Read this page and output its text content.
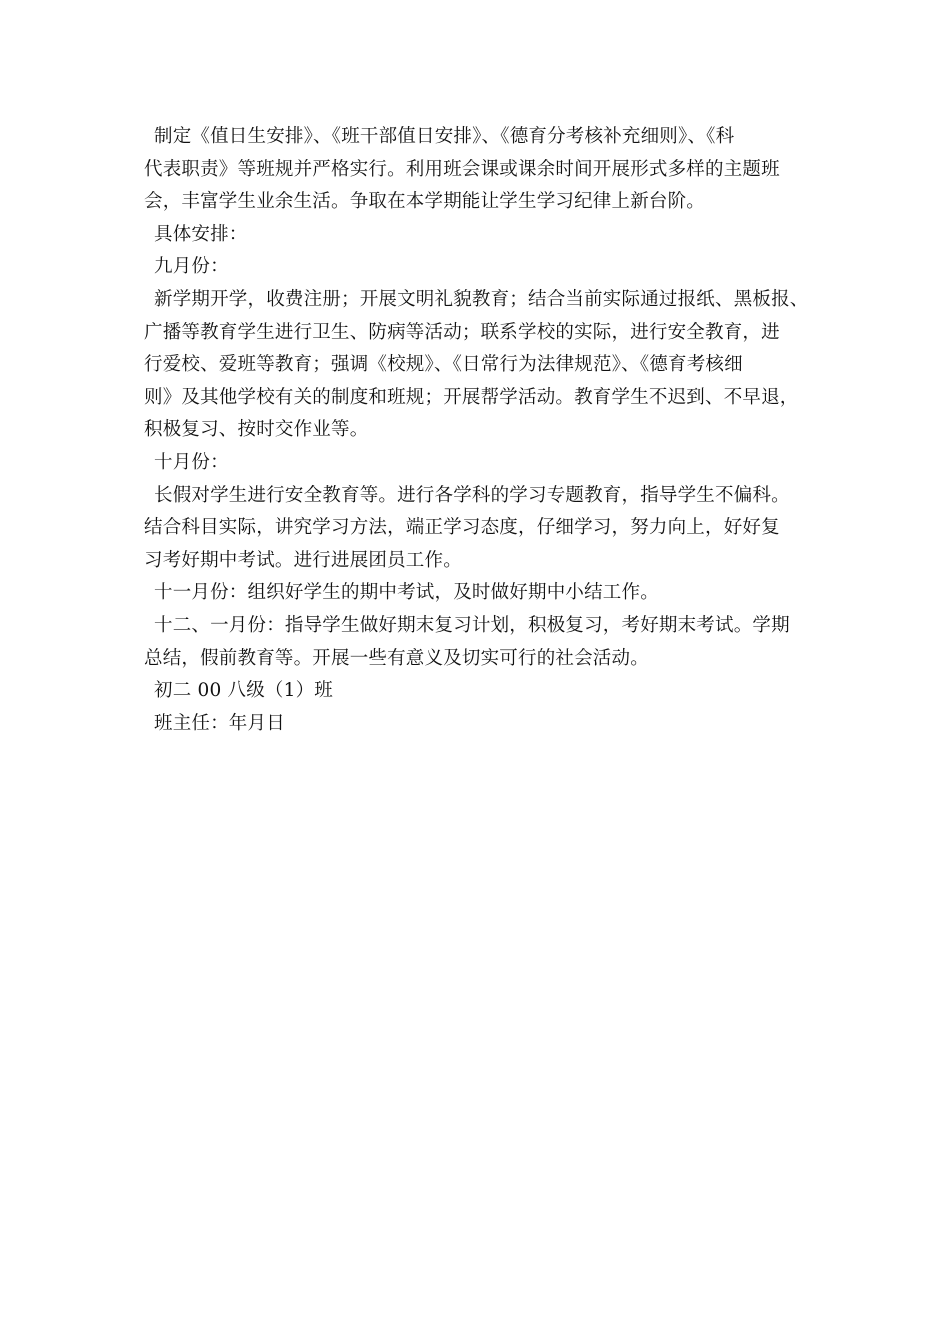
制定《值日生安排》、《班干部值日安排》、《德育分考核补充细则》、《科
代表职责》等班规并严格实行。利用班会课或课余时间开展形式多样的主题班
会，丰富学生业余生活。争取在本学期能让学生学习纪律上新台阶。
具体安排：
九月份：
新学期开学，收费注册；开展文明礼貌教育；结合当前实际通过报纸、黑板报、
广播等教育学生进行卫生、防病等活动；联系学校的实际，进行安全教育，进
行爱校、爱班等教育；强调《校规》、《日常行为法律规范》、《德育考核细
则》及其他学校有关的制度和班规；开展帮学活动。教育学生不迟到、不早退，
积极复习、按时交作业等。
十月份：
长假对学生进行安全教育等。进行各学科的学习专题教育，指导学生不偏科。
结合科目实际，讲究学习方法，端正学习态度，仔细学习，努力向上，好好复
习考好期中考试。进行进展团员工作。
十一月份：组织好学生的期中考试，及时做好期中小结工作。
十二、一月份：指导学生做好期末复习计划，积极复习，考好期末考试。学期
总结，假前教育等。开展一些有意义及切实可行的社会活动。
初二 00 八级（1）班
班主任：年月日
